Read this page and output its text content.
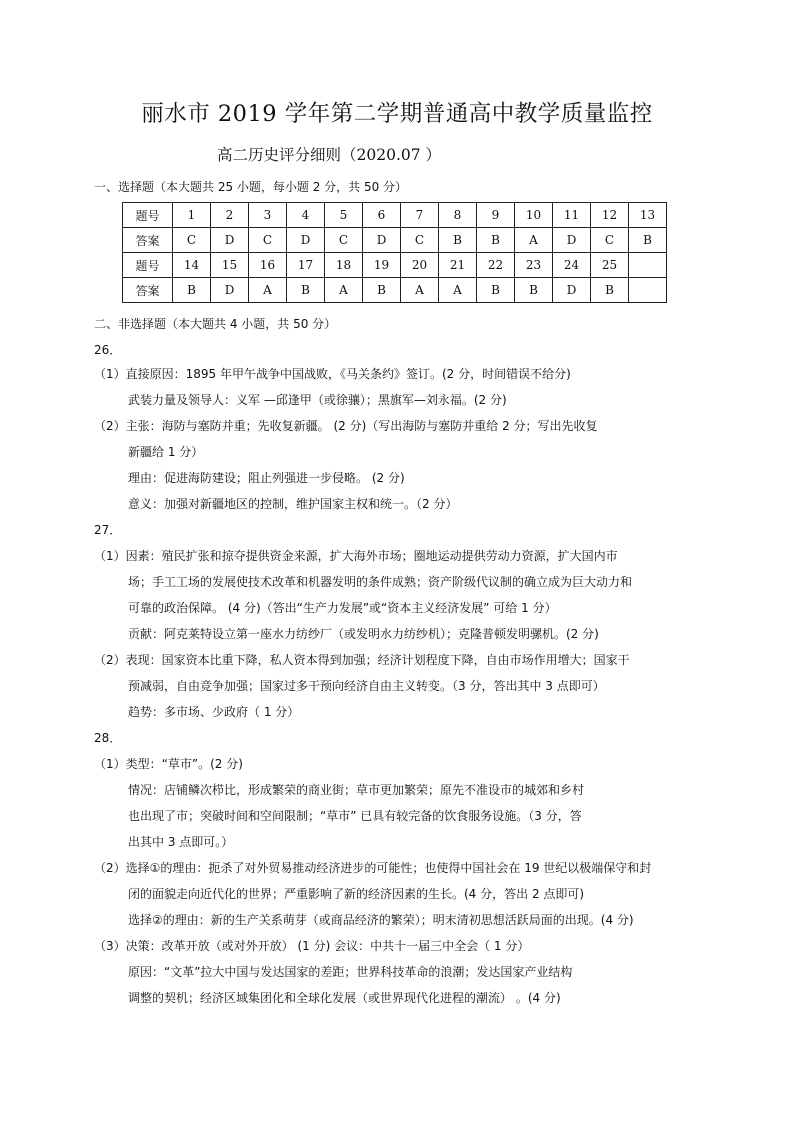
丽水市 2019 学年第二学期普通高中教学质量监控
高二历史评分细则（2020.07 ）
一、选择题（本大题共 25 小题，每小题 2 分，共 50 分）
题号	1	2	3	4	5	6	7	8	9	10	11	12	13
答案	C	D	C	D	C	D	C	B	B	A	D	C	B
题号	14	15	16	17	18	19	20	21	22	23	24	25	
答案	B	D	A	B	A	B	A	A	B	B	D	B	
二、非选择题（本大题共 4 小题，共 50 分）
26．
（1）直接原因：1895 年甲午战争中国战败，《马关条约》签订。(2 分，时间错误不给分)
武装力量及领导人：义军 —邱逢甲（或徐骧）；黑旗军—刘永福。(2 分)
（2）主张：海防与塞防并重；先收复新疆。 (2 分)（写出海防与塞防并重给 2 分；写出先收复
新疆给 1 分）
理由：促进海防建设；阻止列强进一步侵略。 (2 分)
意义：加强对新疆地区的控制，维护国家主权和统一。（2 分）
27．
（1）因素：殖民扩张和掠夺提供资金来源，扩大海外市场；圈地运动提供劳动力资源，扩大国内市
场；手工工场的发展使技术改革和机器发明的条件成熟；资产阶级代议制的确立成为巨大动力和
可靠的政治保障。 (4 分)（答出“生产力发展”或“资本主义经济发展” 可给 1 分）
贡献：阿克莱特设立第一座水力纺纱厂（或发明水力纺纱机）；克隆普顿发明骡机。(2 分)
（2）表现：国家资本比重下降，私人资本得到加强；经济计划程度下降，自由市场作用增大；国家干
预减弱，自由竞争加强；国家过多干预向经济自由主义转变。（3 分，答出其中 3 点即可）
趋势：多市场、少政府（ 1 分）
28．
（1）类型：“草市”。(2 分)
情况：店铺鳞次栉比，形成繁荣的商业街；草市更加繁荣；原先不准设市的城郊和乡村
也出现了市；突破时间和空间限制；“草市” 已具有较完备的饮食服务设施。（3 分，答
出其中 3 点即可。）
（2）选择①的理由：扼杀了对外贸易推动经济进步的可能性；也使得中国社会在 19 世纪以极端保守和封
闭的面貌走向近代化的世界；严重影响了新的经济因素的生长。(4 分，答出 2 点即可)
选择②的理由：新的生产关系萌芽（或商品经济的繁荣）；明末清初思想活跃局面的出现。(4 分)
（3）决策：改革开放（或对外开放） (1 分) 会议：中共十一届三中全会（ 1 分）
原因：“文革”拉大中国与发达国家的差距；世界科技革命的浪潮；发达国家产业结构
调整的契机；经济区域集团化和全球化发展（或世界现代化进程的潮流） 。(4 分)
